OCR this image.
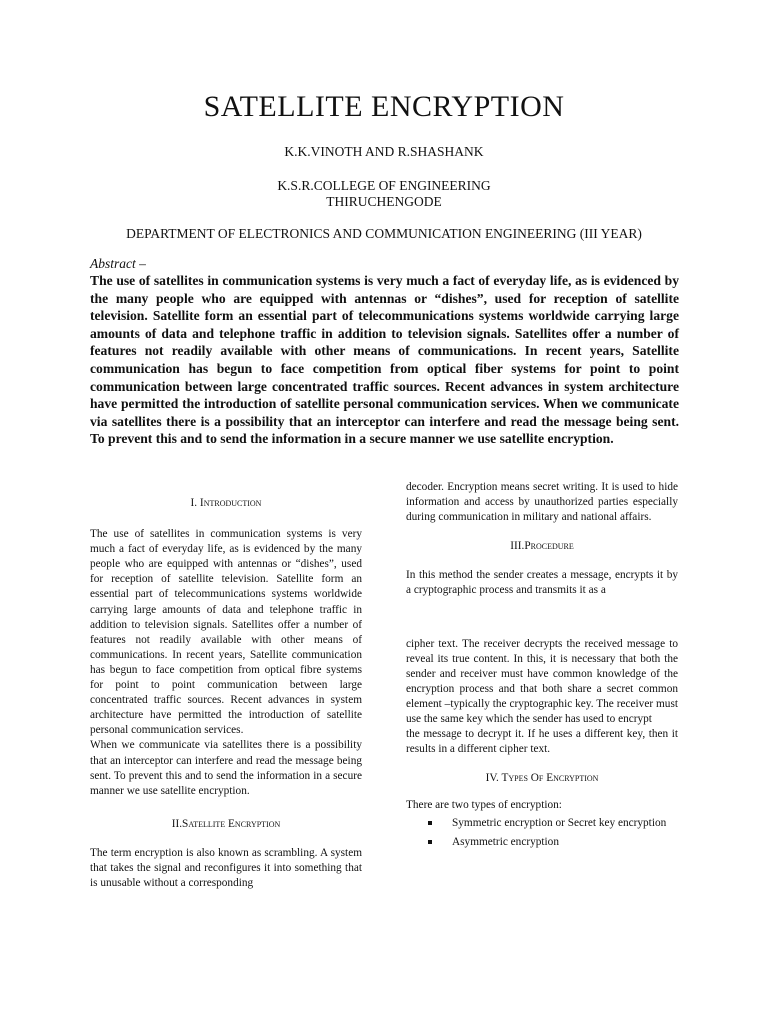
SATELLITE ENCRYPTION

K.K.VINOTH AND R.SHASHANK

K.S.R.COLLEGE OF ENGINEERING

THIRUCHENGODE

DEPARTMENT OF ELECTRONICS AND COMMUNICATION ENGINEERING (III YEAR)

Abstract –

The use of satellites in communication systems is very much a fact of everyday life, as is evidenced by the many people who are equipped with antennas or “dishes”, used for reception of satellite television. Satellite form an essential part of telecommunications systems worldwide carrying large amounts of data and telephone traffic in addition to television signals. Satellites offer a number of features not readily available with other means of communications. In recent years, Satellite communication has begun to face competition from optical fiber systems for point to point communication between large concentrated traffic sources. Recent advances in system architecture have permitted the introduction of satellite personal communication services. When we communicate via satellites there is a possibility that an interceptor can interfere and read the message being sent. To prevent this and to send the information in a secure manner we use satellite encryption.

I. Introduction

The use of satellites in communication systems is very much a fact of everyday life, as is evidenced by the many people who are equipped with antennas or “dishes”, used for reception of satellite television. Satellite form an essential part of telecommunications systems worldwide carrying large amounts of data and telephone traffic in addition to television signals. Satellites offer a number of features not readily available with other means of communications. In recent years, Satellite communication has begun to face competition from optical fibre systems for point to point communication between large concentrated traffic sources. Recent advances in system architecture have permitted the introduction of satellite personal communication services.

When we communicate via satellites there is a possibility that an interceptor can interfere and read the message being sent. To prevent this and to send the information in a secure manner we use satellite encryption.

II.Satellite Encryption

The term encryption is also known as scrambling. A system that takes the signal and reconfigures it into something that is unusable without a corresponding

decoder. Encryption means secret writing. It is used to hide information and access by unauthorized parties especially during communication in military and national affairs.

III.Procedure

In this method the sender creates a message, encrypts it by a cryptographic process and transmits it as a

cipher text. The receiver decrypts the received message to reveal its true content. In this, it is necessary that both the sender and receiver must have common knowledge of the encryption process and that both share a secret common element –typically the cryptographic key. The receiver must use the same key which the sender has used to encrypt

the message to decrypt it. If he uses a different key, then it results in a different cipher text.

IV. Types Of Encryption

There are two types of encryption:

Symmetric encryption or Secret key encryption
Asymmetric encryption
